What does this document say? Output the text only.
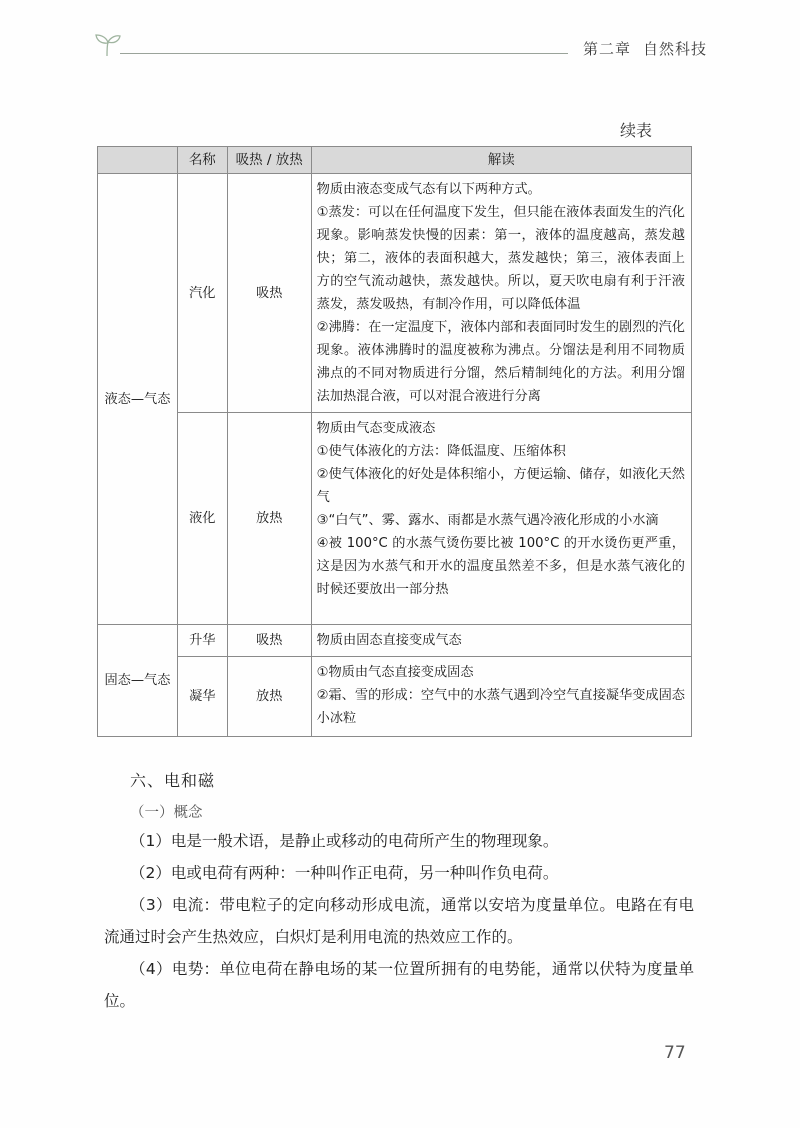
第二章 自然科技
续表
	名称	吸热 / 放热	解读
液态—气态	汽化	吸热	物质由液态变成气态有以下两种方式。

①蒸发：可以在任何温度下发生，但只能在液体表面发生的汽化现象。影响蒸发快慢的因素：第一，液体的温度越高，蒸发越快；第二，液体的表面积越大，蒸发越快；第三，液体表面上方的空气流动越快，蒸发越快。所以，夏天吹电扇有利于汗液蒸发，蒸发吸热，有制冷作用，可以降低体温

②沸腾：在一定温度下，液体内部和表面同时发生的剧烈的汽化现象。液体沸腾时的温度被称为沸点。分馏法是利用不同物质沸点的不同对物质进行分馏，然后精制纯化的方法。利用分馏法加热混合液，可以对混合液进行分离

	液化	放热	物质由气态变成液态

①使气体液化的方法：降低温度、压缩体积

②使气体液化的好处是体积缩小，方便运输、储存，如液化天然气

③“白气”、雾、露水、雨都是水蒸气遇冷液化形成的小水滴

④被 100°C 的水蒸气烫伤要比被 100°C 的开水烫伤更严重，这是因为水蒸气和开水的温度虽然差不多，但是水蒸气液化的时候还要放出一部分热

固态—气态	升华	吸热	物质由固态直接变成气态

	凝华	放热	①物质由气态直接变成固态

②霜、雪的形成：空气中的水蒸气遇到冷空气直接凝华变成固态小冰粒

六、电和磁
（一）概念

（1）电是一般术语，是静止或移动的电荷所产生的物理现象。

（2）电或电荷有两种：一种叫作正电荷，另一种叫作负电荷。

（3）电流：带电粒子的定向移动形成电流，通常以安培为度量单位。电路在有电流通过时会产生热效应，白炽灯是利用电流的热效应工作的。

（4）电势：单位电荷在静电场的某一位置所拥有的电势能，通常以伏特为度量单位。

77
